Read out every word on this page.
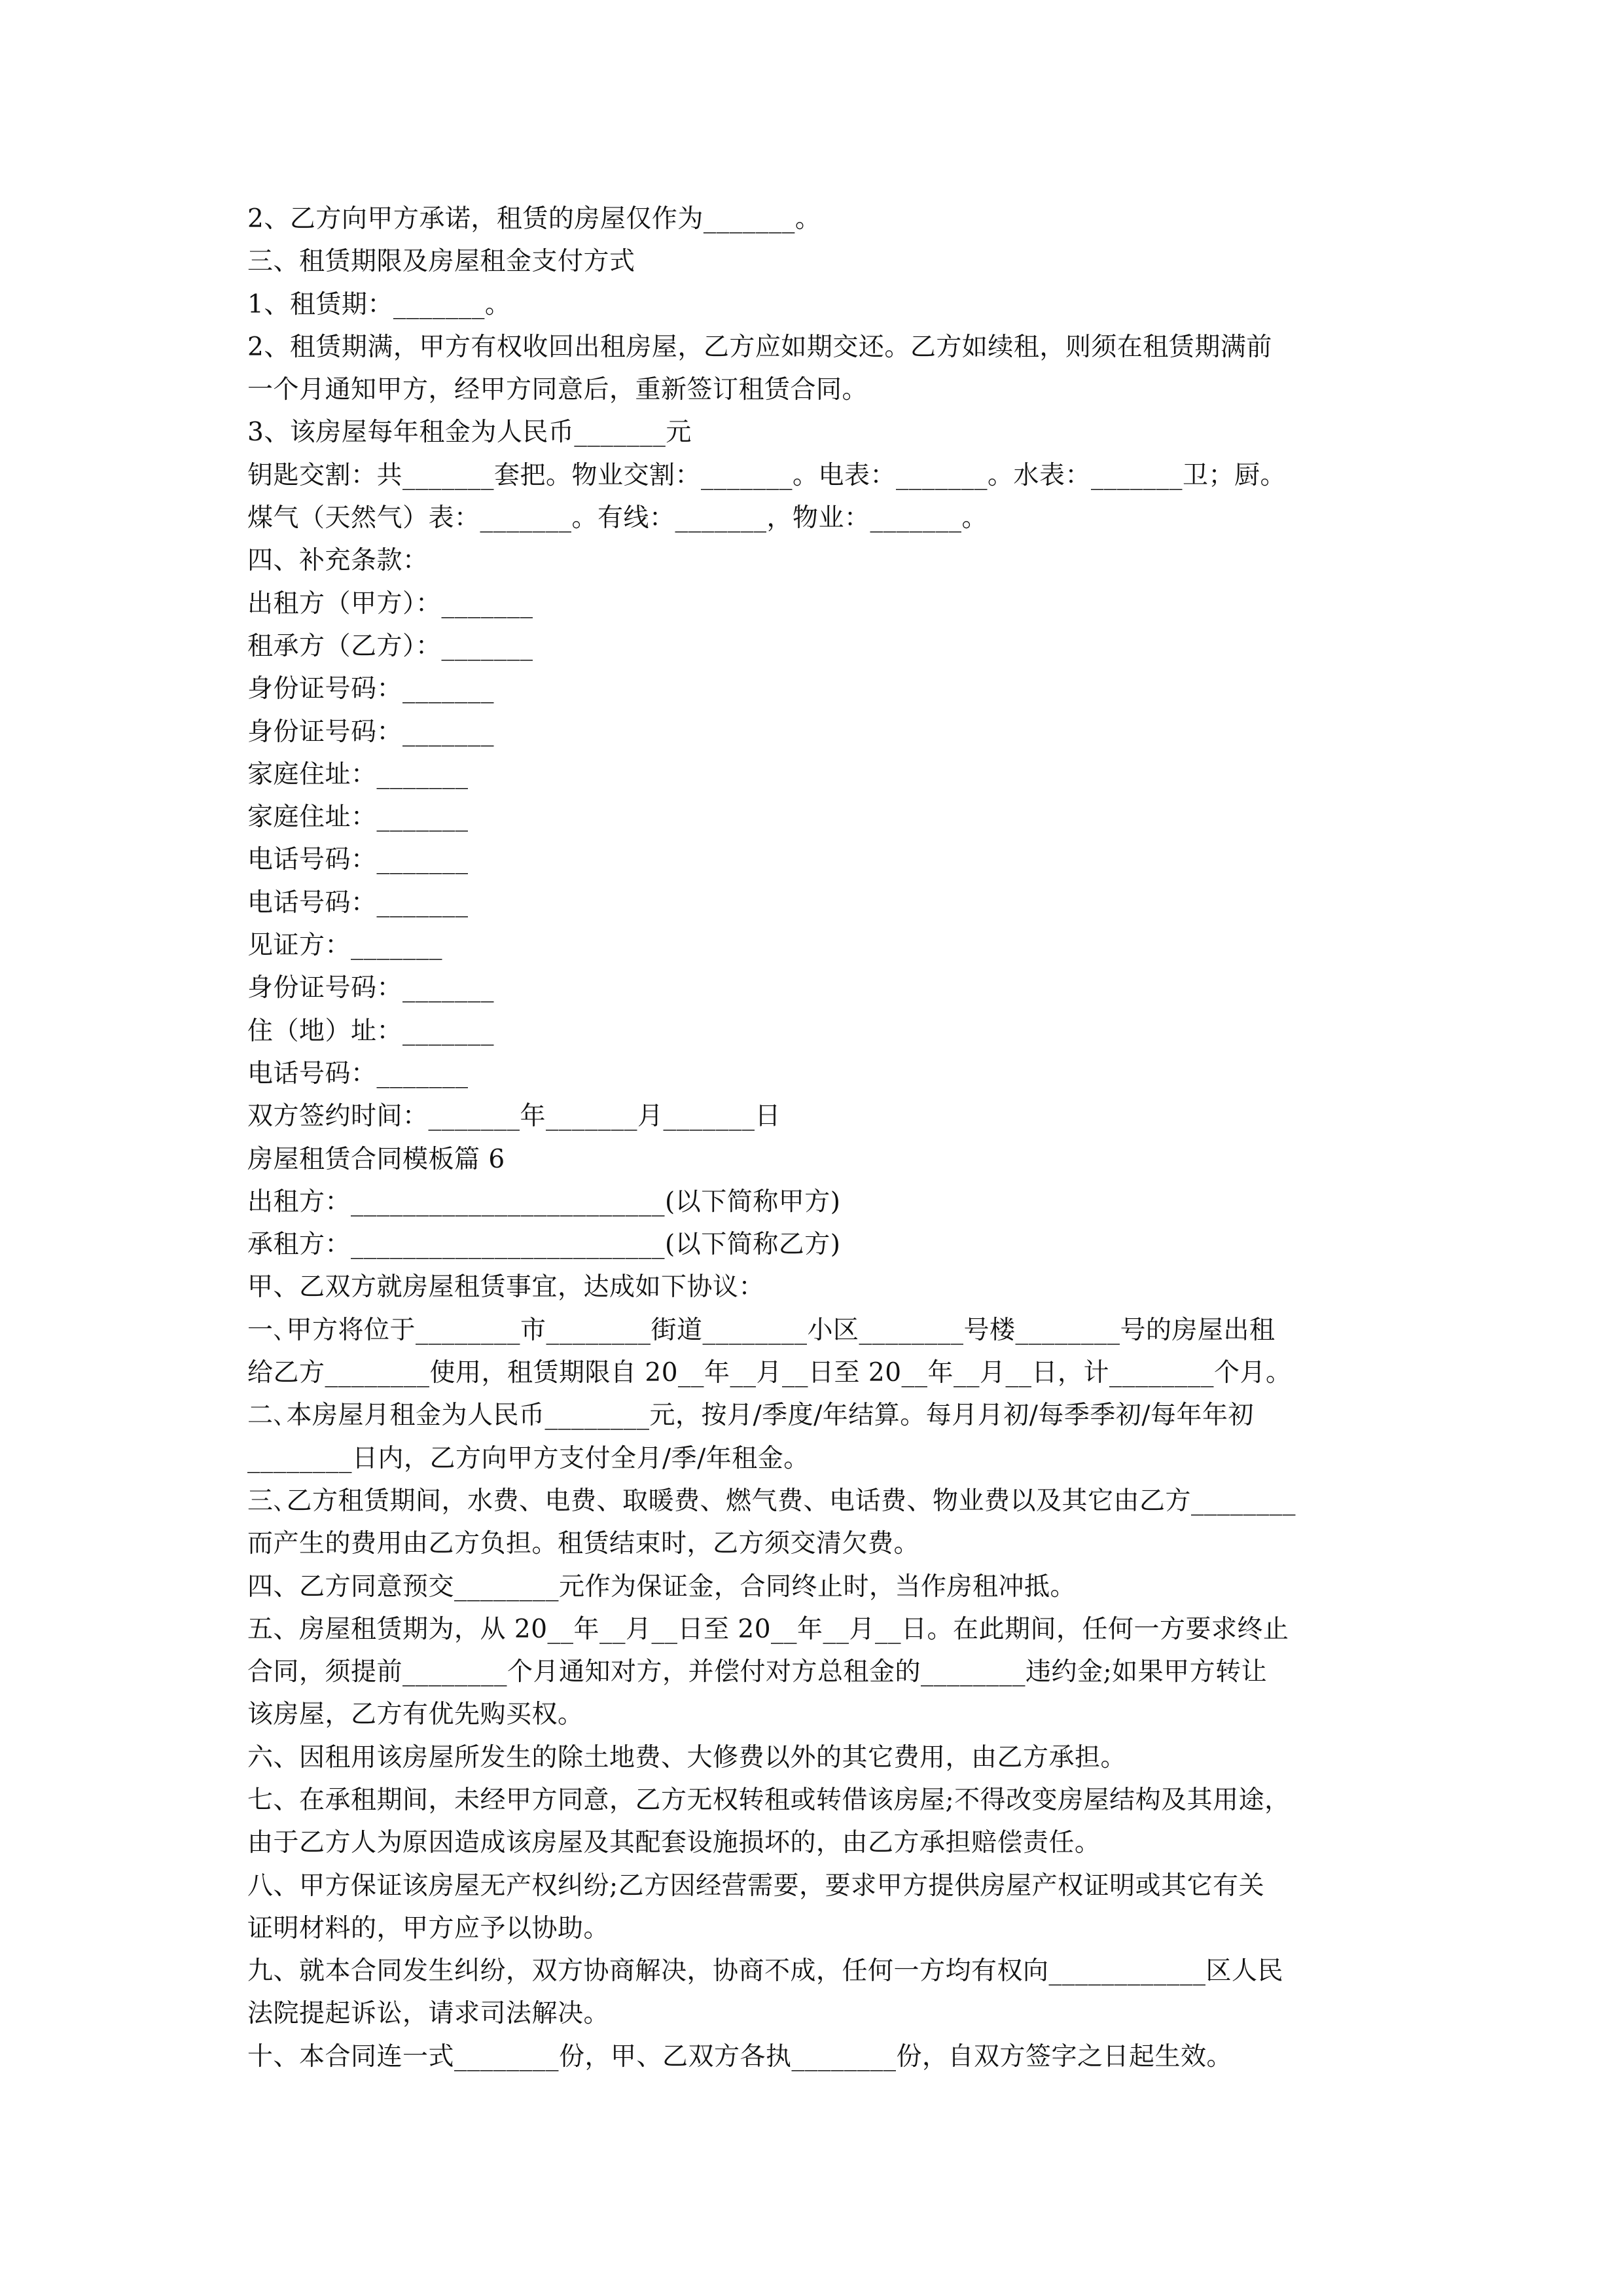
2、乙方向甲方承诺，租赁的房屋仅作为_______。
三、租赁期限及房屋租金支付方式
1、租赁期：_______。
2、租赁期满，甲方有权收回出租房屋，乙方应如期交还。乙方如续租，则须在租赁期满前
一个月通知甲方，经甲方同意后，重新签订租赁合同。
3、该房屋每年租金为人民币_______元
钥匙交割：共_______套把。物业交割：_______。电表：_______。水表：_______卫；厨。
煤气（天然气）表：_______。有线：_______，物业：_______。
四、补充条款：
出租方（甲方）：_______
租承方（乙方）：_______
身份证号码：_______
身份证号码：_______
家庭住址：_______
家庭住址：_______
电话号码：_______
电话号码：_______
见证方：_______
身份证号码：_______
住（地）址：_______
电话号码：_______
双方签约时间：_______年_______月_______日
房屋租赁合同模板篇 6
出租方：________________________(以下简称甲方)
承租方：________________________(以下简称乙方)
甲、乙双方就房屋租赁事宜，达成如下协议：
一､甲方将位于________市________街道________小区________号楼________号的房屋出租
给乙方________使用，租赁期限自 20__年__月__日至 20__年__月__日，计________个月。
二､本房屋月租金为人民币________元，按月/季度/年结算。每月月初/每季季初/每年年初
________日内，乙方向甲方支付全月/季/年租金。
三､乙方租赁期间，水费、电费、取暖费、燃气费、电话费、物业费以及其它由乙方________
而产生的费用由乙方负担。租赁结束时，乙方须交清欠费。
四、乙方同意预交________元作为保证金，合同终止时，当作房租冲抵。
五、房屋租赁期为，从 20__年__月__日至 20__年__月__日。在此期间，任何一方要求终止
合同，须提前________个月通知对方，并偿付对方总租金的________违约金;如果甲方转让
该房屋，乙方有优先购买权。
六、因租用该房屋所发生的除土地费、大修费以外的其它费用，由乙方承担。
七、在承租期间，未经甲方同意，乙方无权转租或转借该房屋;不得改变房屋结构及其用途，
由于乙方人为原因造成该房屋及其配套设施损坏的，由乙方承担赔偿责任。
八、甲方保证该房屋无产权纠纷;乙方因经营需要，要求甲方提供房屋产权证明或其它有关
证明材料的，甲方应予以协助。
九、就本合同发生纠纷，双方协商解决，协商不成，任何一方均有权向____________区人民
法院提起诉讼，请求司法解决。
十、本合同连一式________份，甲、乙双方各执________份，自双方签字之日起生效。
